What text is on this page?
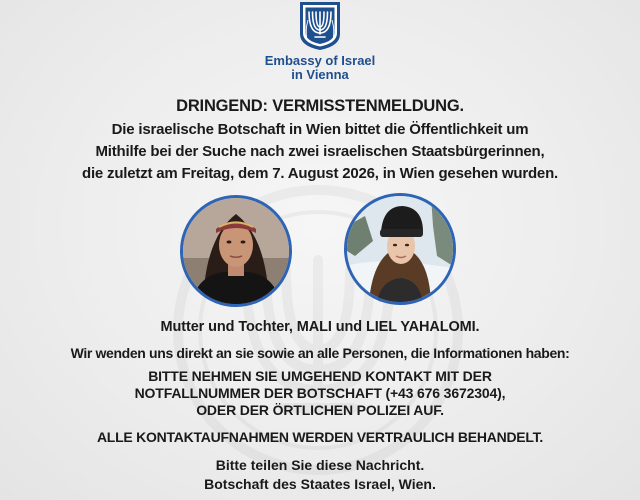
Embassy of Israel
in Vienna
DRINGEND: VERMISSTENMELDUNG.
Die israelische Botschaft in Wien bittet die Öffentlichkeit um
Mithilfe bei der Suche nach zwei israelischen Staatsbürgerinnen,
die zuletzt am Freitag, dem 7. August 2026, in Wien gesehen wurden.
Mutter und Tochter, MALI und LIEL YAHALOMI.
Wir wenden uns direkt an sie sowie an alle Personen, die Informationen haben:
BITTE NEHMEN SIE UMGEHEND KONTAKT MIT DER
NOTFALLNUMMER DER BOTSCHAFT (+43 676 3672304),
ODER DER ÖRTLICHEN POLIZEI AUF.
ALLE KONTAKTAUFNAHMEN WERDEN VERTRAULICH BEHANDELT.
Bitte teilen Sie diese Nachricht.
Botschaft des Staates Israel, Wien.
